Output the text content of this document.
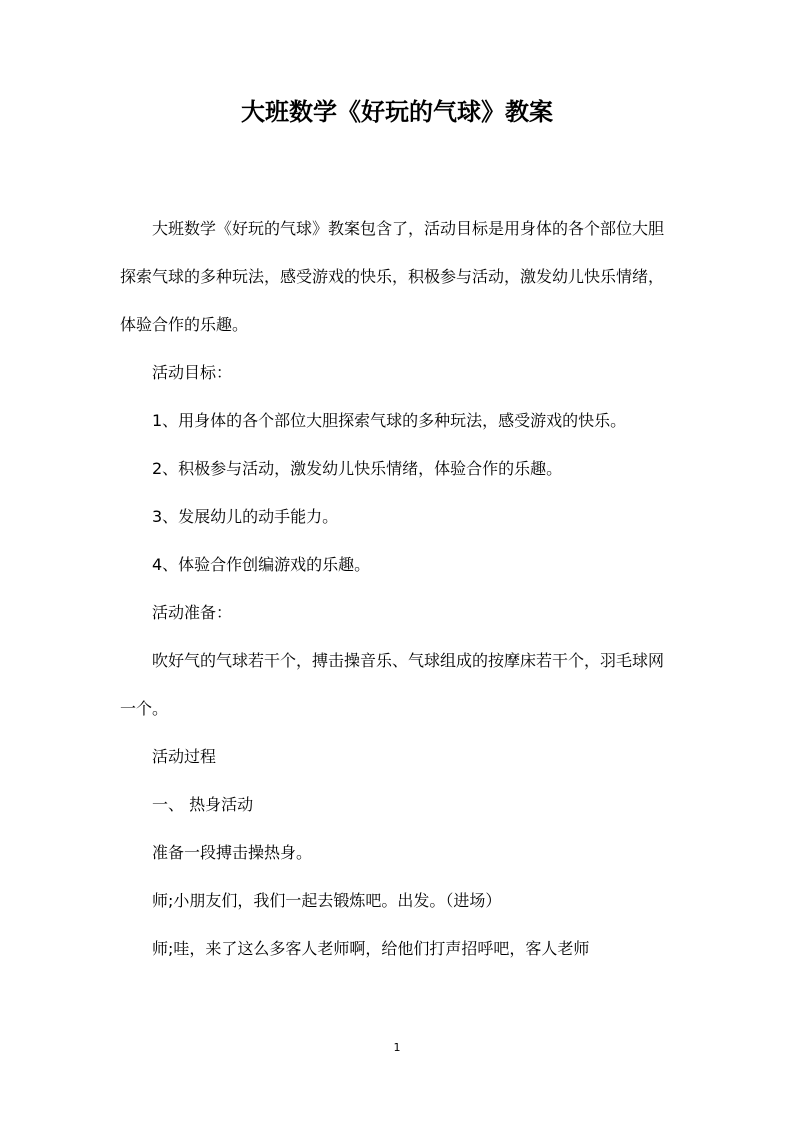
大班数学《好玩的气球》教案

大班数学《好玩的气球》教案包含了，活动目标是用身体的各个部位大胆探索气球的多种玩法，感受游戏的快乐，积极参与活动，激发幼儿快乐情绪，体验合作的乐趣。

活动目标：

1、用身体的各个部位大胆探索气球的多种玩法，感受游戏的快乐。

2、积极参与活动，激发幼儿快乐情绪，体验合作的乐趣。

3、发展幼儿的动手能力。

4、体验合作创编游戏的乐趣。

活动准备：

吹好气的气球若干个，搏击操音乐、气球组成的按摩床若干个，羽毛球网一个。

活动过程

一、 热身活动

准备一段搏击操热身。

师;小朋友们，我们一起去锻炼吧。出发。（进场）

师;哇，来了这么多客人老师啊，给他们打声招呼吧，客人老师

1
